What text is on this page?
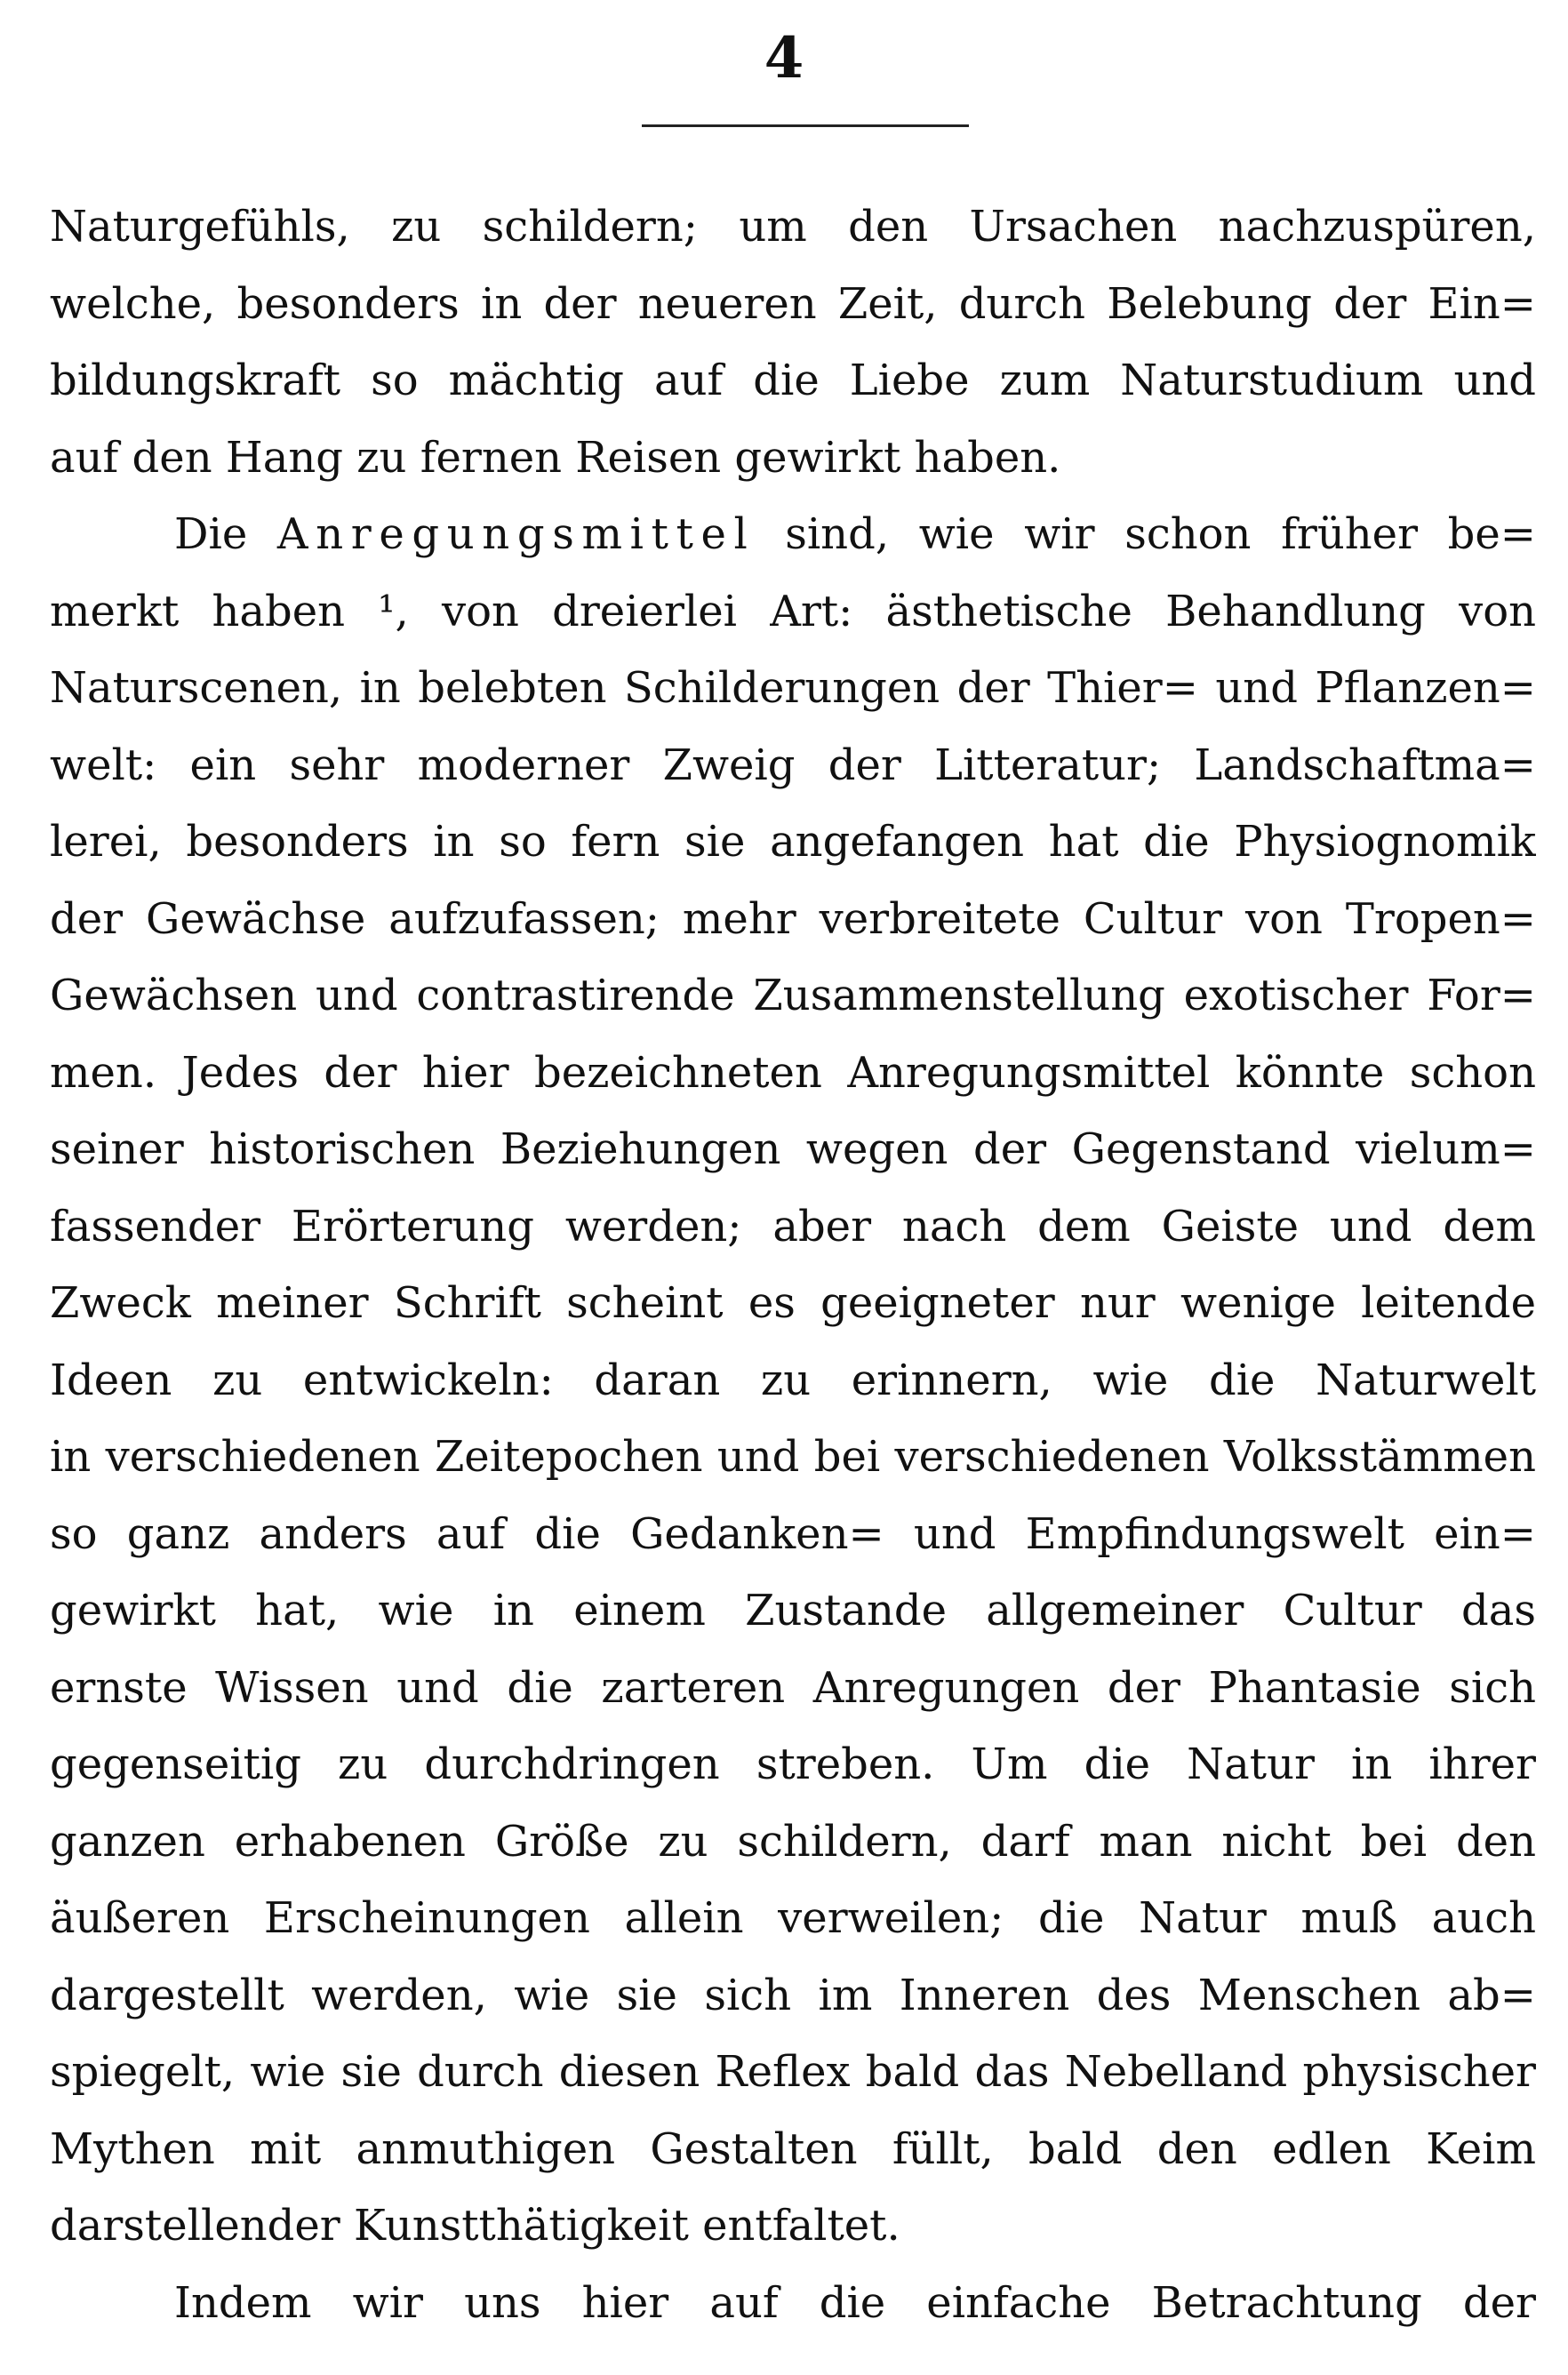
4
Naturgefühls, zu schildern; um den Ursachen nachzuspüren,
welche, besonders in der neueren Zeit, durch Belebung der Ein=
bildungskraft so mächtig auf die Liebe zum Naturstudium und
auf den Hang zu fernen Reisen gewirkt haben.
Die Anregungsmittel sind, wie wir schon früher be=
merkt haben ¹, von dreierlei Art: ästhetische Behandlung von
Naturscenen, in belebten Schilderungen der Thier= und Pflanzen=
welt: ein sehr moderner Zweig der Litteratur; Landschaftma=
lerei, besonders in so fern sie angefangen hat die Physiognomik
der Gewächse aufzufassen; mehr verbreitete Cultur von Tropen=
Gewächsen und contrastirende Zusammenstellung exotischer For=
men. Jedes der hier bezeichneten Anregungsmittel könnte schon
seiner historischen Beziehungen wegen der Gegenstand vielum=
fassender Erörterung werden; aber nach dem Geiste und dem
Zweck meiner Schrift scheint es geeigneter nur wenige leitende
Ideen zu entwickeln: daran zu erinnern, wie die Naturwelt
in verschiedenen Zeitepochen und bei verschiedenen Volksstämmen
so ganz anders auf die Gedanken= und Empfindungswelt ein=
gewirkt hat, wie in einem Zustande allgemeiner Cultur das
ernste Wissen und die zarteren Anregungen der Phantasie sich
gegenseitig zu durchdringen streben. Um die Natur in ihrer
ganzen erhabenen Größe zu schildern, darf man nicht bei den
äußeren Erscheinungen allein verweilen; die Natur muß auch
dargestellt werden, wie sie sich im Inneren des Menschen ab=
spiegelt, wie sie durch diesen Reflex bald das Nebelland physischer
Mythen mit anmuthigen Gestalten füllt, bald den edlen Keim
darstellender Kunstthätigkeit entfaltet.
Indem wir uns hier auf die einfache Betrachtung der
